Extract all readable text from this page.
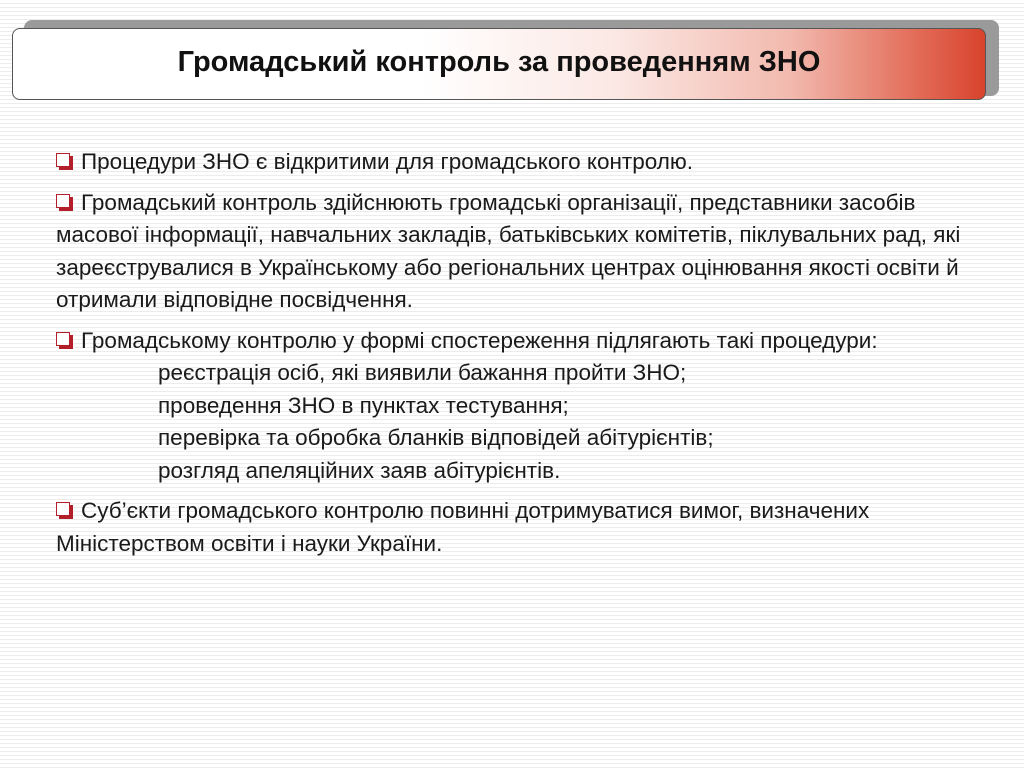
Громадський контроль за проведенням ЗНО

Процедури ЗНО є відкритими для громадського контролю.

Громадський контроль здійснюють громадські організації, представники засобів масової інформації, навчальних закладів, батьківських комітетів, піклувальних рад, які зареєструвалися в Українському або регіональних центрах оцінювання якості освіти й отримали відповідне посвідчення.

Громадському контролю у формі спостереження підлягають такі процедури:
реєстрація осіб, які виявили бажання пройти ЗНО;
проведення ЗНО в пунктах тестування;
перевірка та обробка бланків відповідей абітурієнтів;
розгляд апеляційних заяв абітурієнтів.

Суб’єкти громадського контролю повинні дотримуватися вимог, визначених Міністерством освіти і науки України.
